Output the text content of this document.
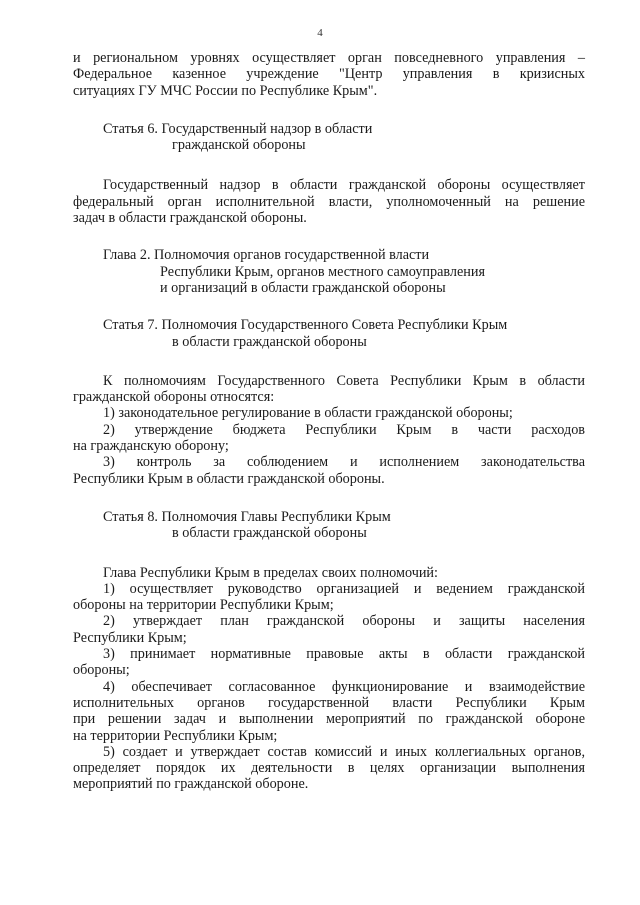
4
и региональном уровнях осуществляет орган повседневного управления –
Федеральное казенное учреждение "Центр управления в кризисных
ситуациях ГУ МЧС России по Республике Крым".
Статья 6. Государственный надзор в области
гражданской обороны
Государственный надзор в области гражданской обороны осуществляет
федеральный орган исполнительной власти, уполномоченный на решение
задач в области гражданской обороны.
Глава 2. Полномочия органов государственной власти
Республики Крым, органов местного самоуправления
и организаций в области гражданской обороны
Статья 7. Полномочия Государственного Совета Республики Крым
в области гражданской обороны
К полномочиям Государственного Совета Республики Крым в области
гражданской обороны относятся:
1) законодательное регулирование в области гражданской обороны;
2) утверждение бюджета Республики Крым в части расходов
на гражданскую оборону;
3) контроль за соблюдением и исполнением законодательства
Республики Крым в области гражданской обороны.
Статья 8. Полномочия Главы Республики Крым
в области гражданской обороны
Глава Республики Крым в пределах своих полномочий:
1) осуществляет руководство организацией и ведением гражданской
обороны на территории Республики Крым;
2) утверждает план гражданской обороны и защиты населения
Республики Крым;
3) принимает нормативные правовые акты в области гражданской
обороны;
4) обеспечивает согласованное функционирование и взаимодействие
исполнительных органов государственной власти Республики Крым
при решении задач и выполнении мероприятий по гражданской обороне
на территории Республики Крым;
5) создает и утверждает состав комиссий и иных коллегиальных органов,
определяет порядок их деятельности в целях организации выполнения
мероприятий по гражданской обороне.
